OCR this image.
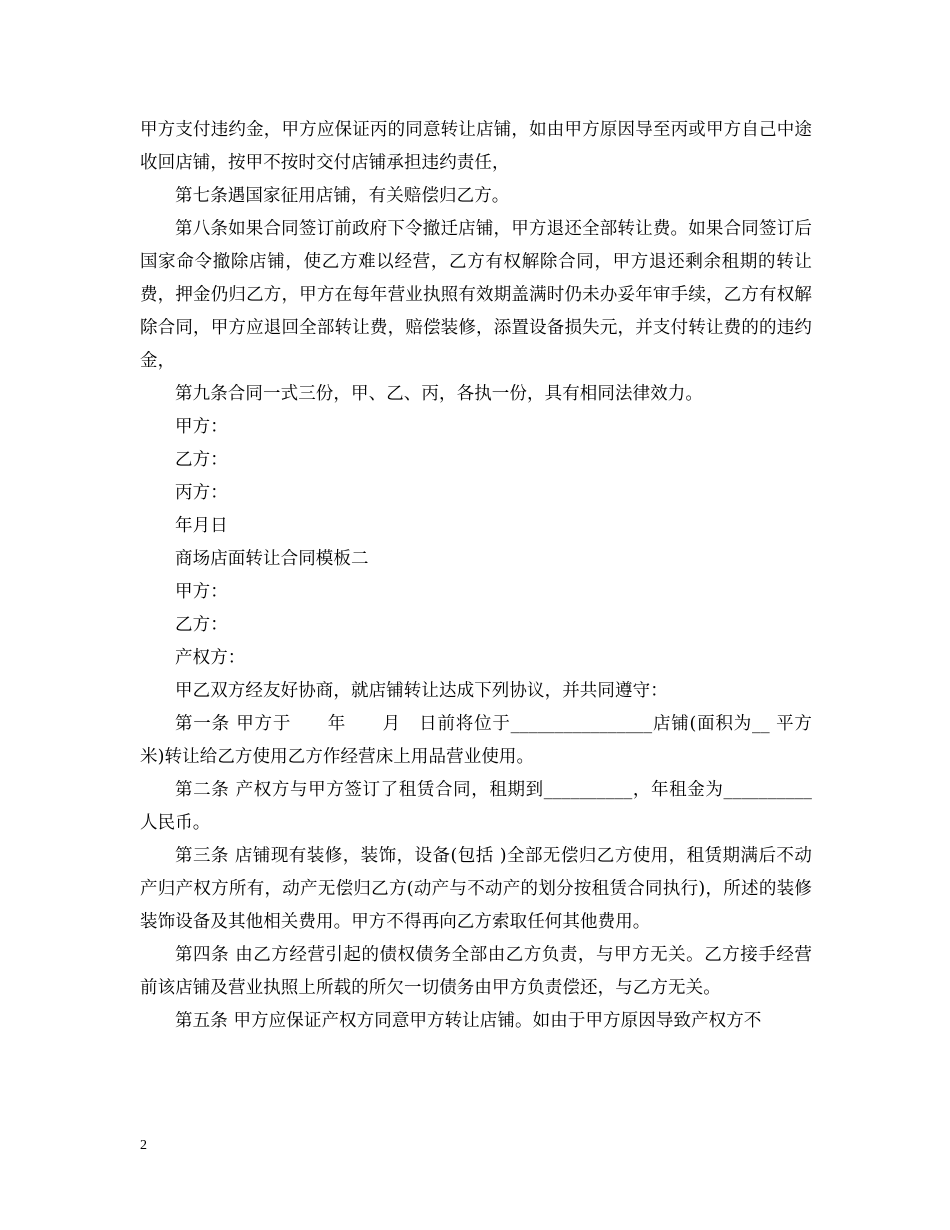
甲方支付违约金，甲方应保证丙的同意转让店铺，如由甲方原因导至丙或甲方自己中途收回店铺，按甲不按时交付店铺承担违约责任，

第七条遇国家征用店铺，有关赔偿归乙方。

第八条如果合同签订前政府下令撤迁店铺，甲方退还全部转让费。如果合同签订后国家命令撤除店铺，使乙方难以经营，乙方有权解除合同，甲方退还剩余租期的转让费，押金仍归乙方，甲方在每年营业执照有效期盖满时仍未办妥年审手续，乙方有权解除合同，甲方应退回全部转让费，赔偿装修，添置设备损失元，并支付转让费的的违约金，

第九条合同一式三份，甲、乙、丙，各执一份，具有相同法律效力。

甲方：

乙方：

丙方：

年月日

商场店面转让合同模板二

甲方：

乙方：

产权方：

甲乙双方经友好协商，就店铺转让达成下列协议，并共同遵守：

第一条 甲方于　　年　　月　日前将位于________________店铺(面积为__ 平方米)转让给乙方使用乙方作经营床上用品营业使用。

第二条 产权方与甲方签订了租赁合同，租期到__________，年租金为__________人民币。

第三条 店铺现有装修，装饰，设备(包括 )全部无偿归乙方使用，租赁期满后不动产归产权方所有，动产无偿归乙方(动产与不动产的划分按租赁合同执行)，所述的装修装饰设备及其他相关费用。甲方不得再向乙方索取任何其他费用。

第四条 由乙方经营引起的债权债务全部由乙方负责，与甲方无关。乙方接手经营前该店铺及营业执照上所载的所欠一切债务由甲方负责偿还，与乙方无关。

第五条 甲方应保证产权方同意甲方转让店铺。如由于甲方原因导致产权方不

2
